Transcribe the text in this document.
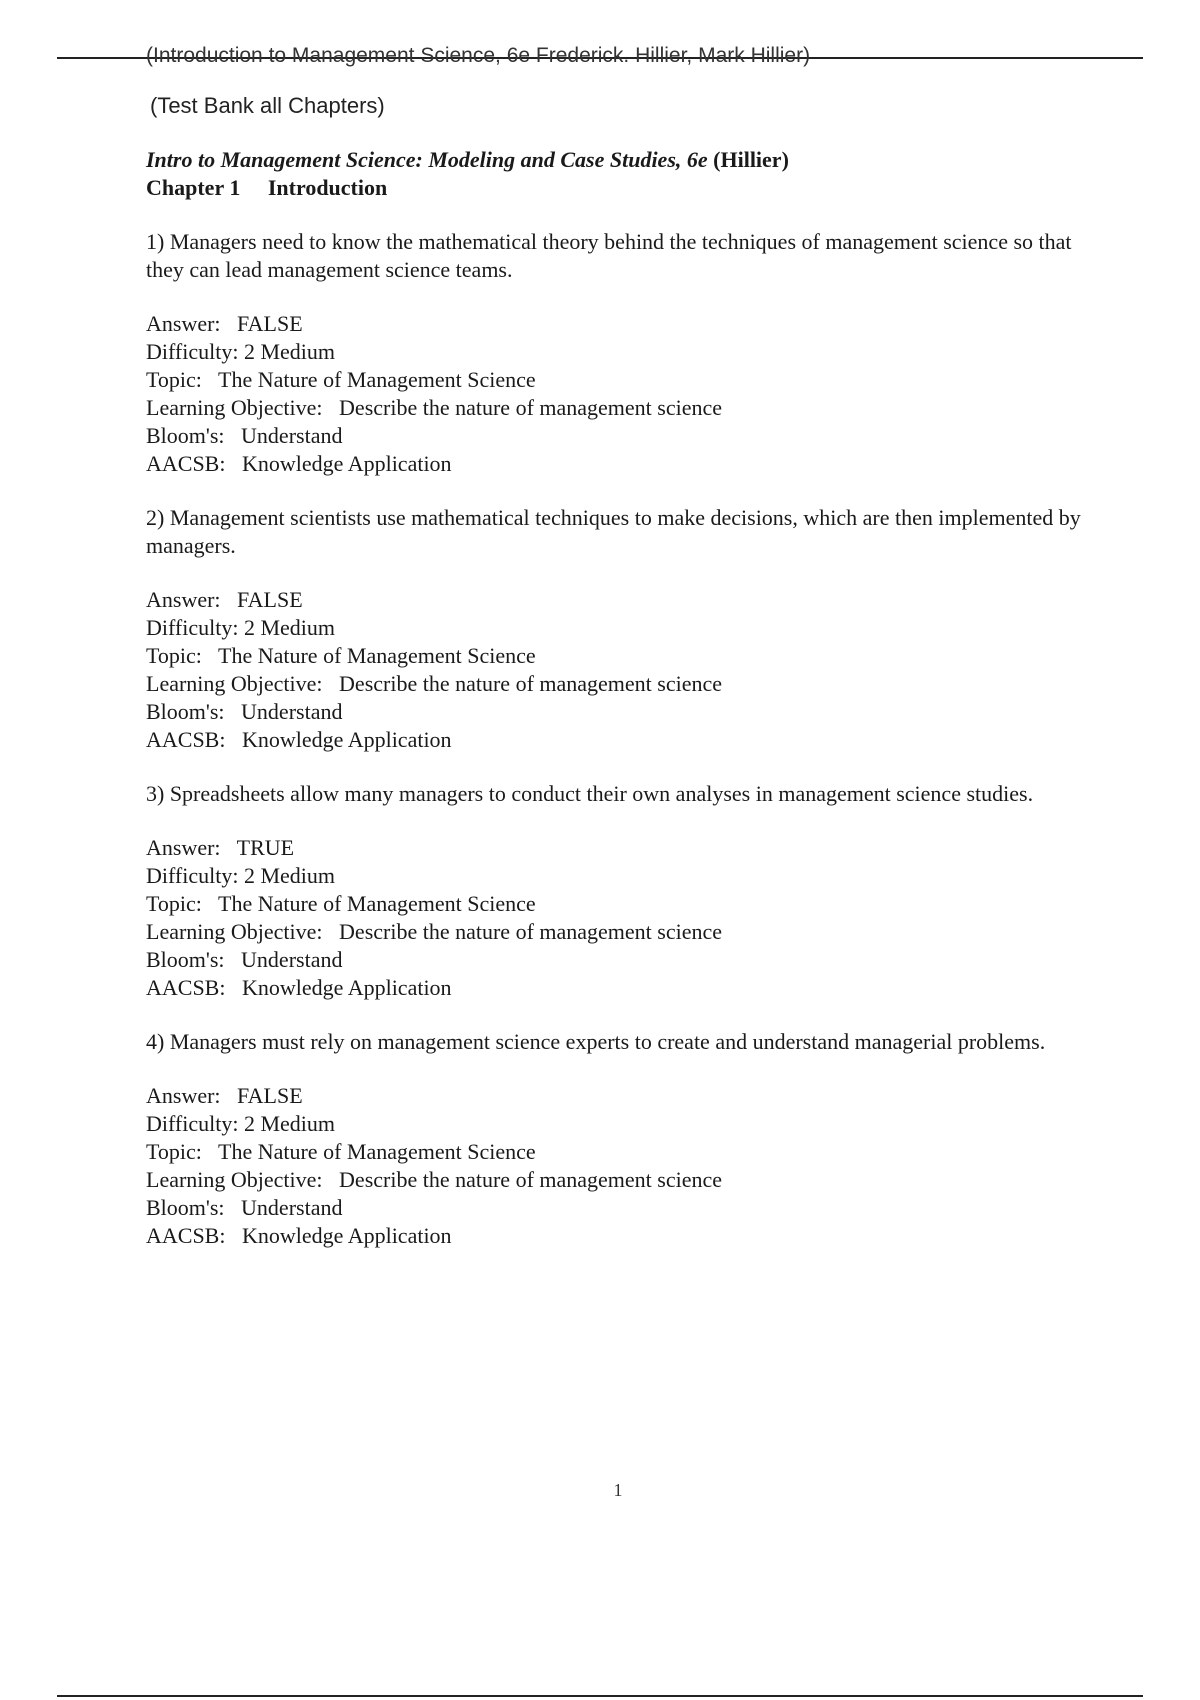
(Introduction to Management Science, 6e Frederick. Hillier, Mark Hillier)
(Test Bank all Chapters)
Intro to Management Science: Modeling and Case Studies, 6e (Hillier)
Chapter 1 Introduction

1) Managers need to know the mathematical theory behind the techniques of management science so that they can lead management science teams.

Answer: FALSE
Difficulty: 2 Medium
Topic: The Nature of Management Science
Learning Objective: Describe the nature of management science
Bloom's: Understand
AACSB: Knowledge Application

2) Management scientists use mathematical techniques to make decisions, which are then implemented by managers.

Answer: FALSE
Difficulty: 2 Medium
Topic: The Nature of Management Science
Learning Objective: Describe the nature of management science
Bloom's: Understand
AACSB: Knowledge Application

3) Spreadsheets allow many managers to conduct their own analyses in management science studies.

Answer: TRUE
Difficulty: 2 Medium
Topic: The Nature of Management Science
Learning Objective: Describe the nature of management science
Bloom's: Understand
AACSB: Knowledge Application

4) Managers must rely on management science experts to create and understand managerial problems.

Answer: FALSE
Difficulty: 2 Medium
Topic: The Nature of Management Science
Learning Objective: Describe the nature of management science
Bloom's: Understand
AACSB: Knowledge Application
1
